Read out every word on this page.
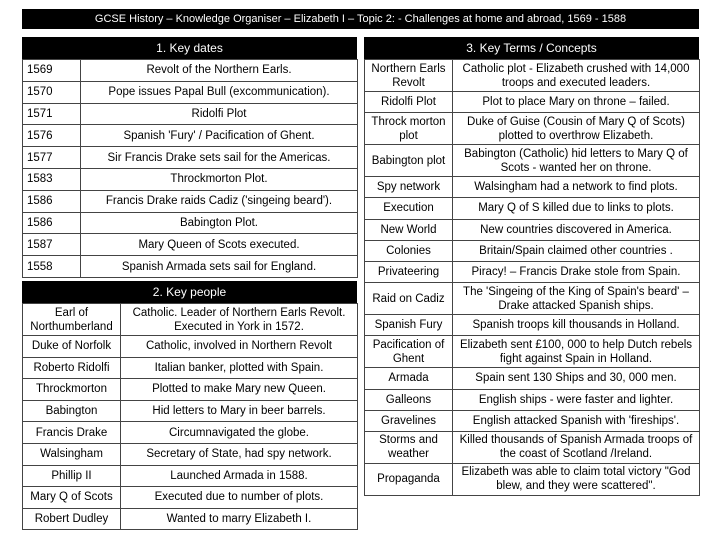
GCSE History – Knowledge Organiser – Elizabeth I – Topic 2: - Challenges at home and abroad, 1569 - 1588
1. Key dates
1569	Revolt of the Northern Earls.
1570	Pope issues Papal Bull (excommunication).
1571	Ridolfi Plot
1576	Spanish 'Fury' / Pacification of Ghent.
1577	Sir Francis Drake sets sail for the Americas.
1583	Throckmorton Plot.
1586	Francis Drake raids Cadiz ('singeing beard').
1586	Babington Plot.
1587	Mary Queen of Scots executed.
1558	Spanish Armada sets sail for England.
2. Key people
Earl of Northumberland	Catholic. Leader of Northern Earls Revolt. Executed in York in 1572.
Duke of Norfolk	Catholic, involved in Northern Revolt
Roberto Ridolfi	Italian banker, plotted with Spain.
Throckmorton	Plotted to make Mary new Queen.
Babington	Hid letters to Mary in beer barrels.
Francis Drake	Circumnavigated the globe.
Walsingham	Secretary of State, had spy network.
Phillip II	Launched Armada in 1588.
Mary Q of Scots	Executed due to number of plots.
Robert Dudley	Wanted to marry Elizabeth I.
3. Key Terms / Concepts
Northern Earls Revolt	Catholic plot - Elizabeth crushed with 14,000 troops and executed leaders.
Ridolfi Plot	Plot to place Mary on throne – failed.
Throck morton plot	Duke of Guise (Cousin of Mary Q of Scots) plotted to overthrow Elizabeth.
Babington plot	Babington (Catholic) hid letters to Mary Q of Scots - wanted her on throne.
Spy network	Walsingham had a network to find plots.
Execution	Mary Q of S killed due to links to plots.
New World	New countries discovered in America.
Colonies	Britain/Spain claimed other countries .
Privateering	Piracy! – Francis Drake stole from Spain.
Raid on Cadiz	The 'Singeing of the King of Spain's beard' – Drake attacked Spanish ships.
Spanish Fury	Spanish troops kill thousands in Holland.
Pacification of Ghent	Elizabeth sent £100, 000 to help Dutch rebels fight against Spain in Holland.
Armada	Spain sent 130 Ships and 30, 000 men.
Galleons	English ships - were faster and lighter.
Gravelines	English attacked Spanish with 'fireships'.
Storms and weather	Killed thousands of Spanish Armada troops of the coast of Scotland /Ireland.
Propaganda	Elizabeth was able to claim total victory "God blew, and they were scattered".
